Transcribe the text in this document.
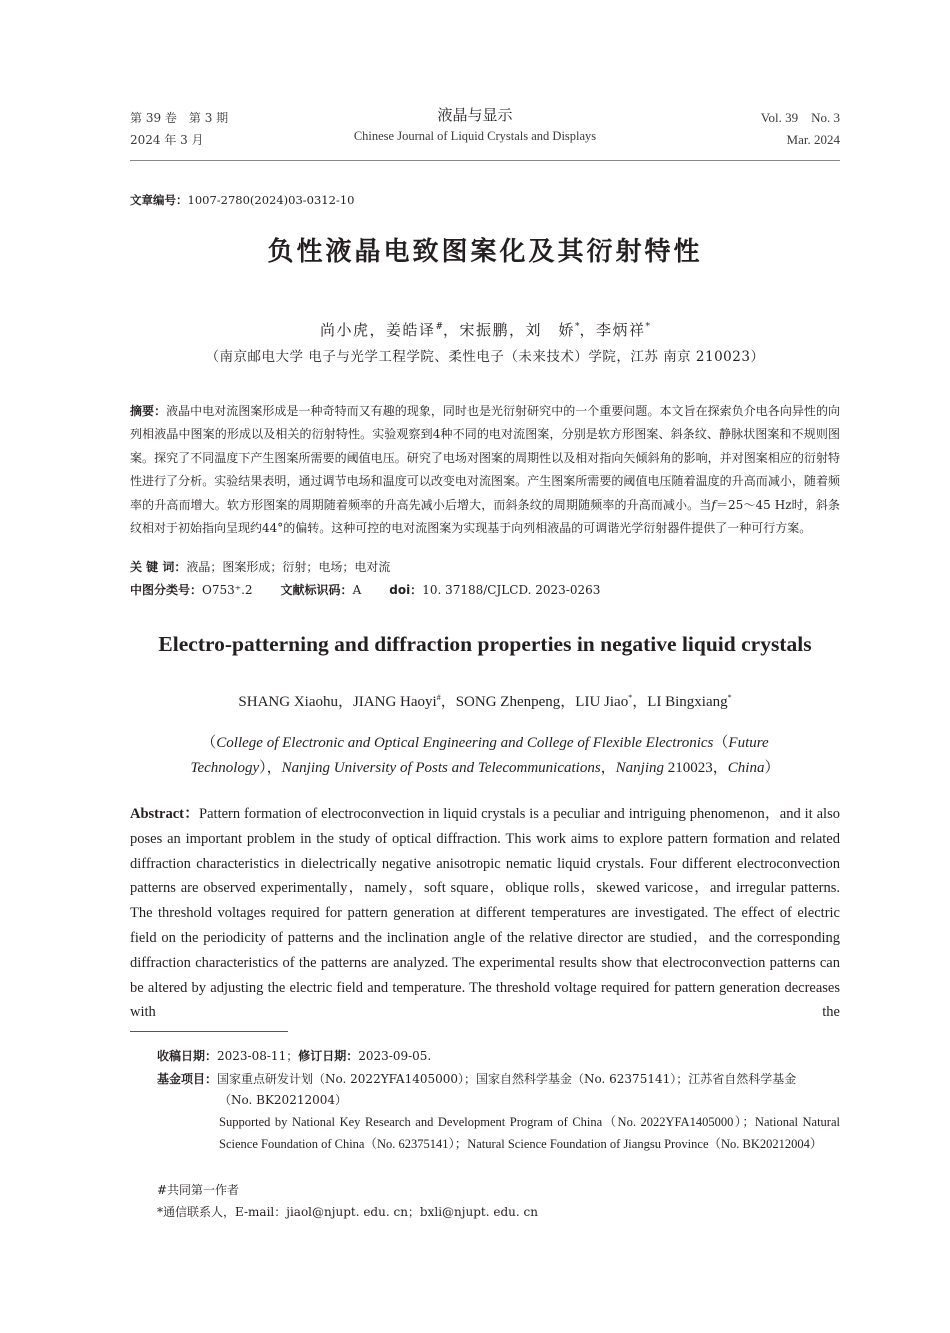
第 39 卷　第 3 期
2024 年 3 月
液晶与显示
Chinese Journal of Liquid Crystals and Displays
Vol. 39　No. 3
Mar. 2024
文章编号：1007-2780(2024)03-0312-10
负性液晶电致图案化及其衍射特性
尚小虎，姜皓译#，宋振鹏，刘　娇*，李炳祥*
（南京邮电大学 电子与光学工程学院、柔性电子（未来技术）学院，江苏 南京 210023）
摘要：液晶中电对流图案形成是一种奇特而又有趣的现象，同时也是光衍射研究中的一个重要问题。本文旨在探索负介电各向异性的向列相液晶中图案的形成以及相关的衍射特性。实验观察到4种不同的电对流图案，分别是软方形图案、斜条纹、静脉状图案和不规则图案。探究了不同温度下产生图案所需要的阈值电压。研究了电场对图案的周期性以及相对指向矢倾斜角的影响，并对图案相应的衍射特性进行了分析。实验结果表明，通过调节电场和温度可以改变电对流图案。产生图案所需要的阈值电压随着温度的升高而减小，随着频率的升高而增大。软方形图案的周期随着频率的升高先减小后增大，而斜条纹的周期随频率的升高而减小。当f＝25～45 Hz时，斜条纹相对于初始指向呈现约44°的偏转。这种可控的电对流图案为实现基于向列相液晶的可调谐光学衍射器件提供了一种可行方案。
关 键 词：液晶；图案形成；衍射；电场；电对流
中图分类号：O753⁺.2 文献标识码：A doi：10. 37188/CJLCD. 2023-0263
Electro-patterning and diffraction properties in negative liquid crystals
SHANG Xiaohu，JIANG Haoyi#，SONG Zhenpeng，LIU Jiao*，LI Bingxiang*
（College of Electronic and Optical Engineering and College of Flexible Electronics（Future
Technology），Nanjing University of Posts and Telecommunications，Nanjing 210023，China）
Abstract：Pattern formation of electroconvection in liquid crystals is a peculiar and intriguing phenomenon，and it also poses an important problem in the study of optical diffraction. This work aims to explore pattern formation and related diffraction characteristics in dielectrically negative anisotropic nematic liquid crystals. Four different electroconvection patterns are observed experimentally，namely，soft square，oblique rolls，skewed varicose，and irregular patterns. The threshold voltages required for pattern generation at different temperatures are investigated. The effect of electric field on the periodicity of patterns and the inclination angle of the relative director are studied，and the corresponding diffraction characteristics of the patterns are analyzed. The experimental results show that electroconvection patterns can be altered by adjusting the electric field and temperature. The threshold voltage required for pattern generation decreases with the
收稿日期：2023-08-11；修订日期：2023-09-05.
基金项目：国家重点研发计划（No. 2022YFA1405000）；国家自然科学基金（No. 62375141）；江苏省自然科学基金
（No. BK20212004）
Supported by National Key Research and Development Program of China（No. 2022YFA1405000）；National Natural Science Foundation of China（No. 62375141）；Natural Science Foundation of Jiangsu Province（No. BK20212004）
#共同第一作者
*通信联系人，E-mail：jiaol@njupt. edu. cn；bxli@njupt. edu. cn
